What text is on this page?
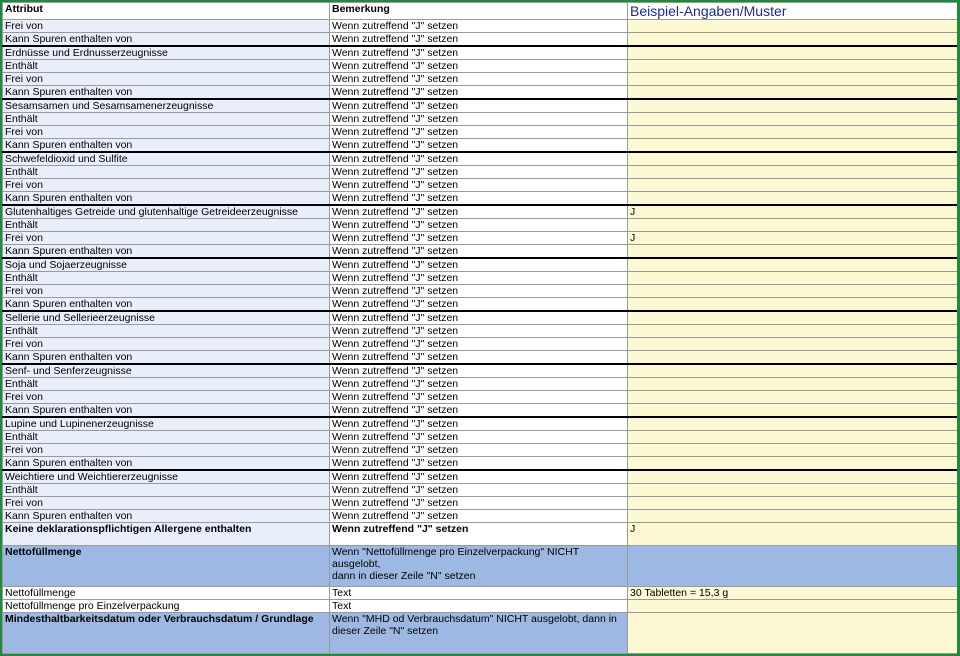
Attribut	Bemerkung	Beispiel-Angaben/Muster
Frei von	Wenn zutreffend "J" setzen	
Kann Spuren enthalten von	Wenn zutreffend "J" setzen	
Erdnüsse und Erdnusserzeugnisse	Wenn zutreffend "J" setzen	
Enthält	Wenn zutreffend "J" setzen	
Frei von	Wenn zutreffend "J" setzen	
Kann Spuren enthalten von	Wenn zutreffend "J" setzen	
Sesamsamen und Sesamsamenerzeugnisse	Wenn zutreffend "J" setzen	
Enthält	Wenn zutreffend "J" setzen	
Frei von	Wenn zutreffend "J" setzen	
Kann Spuren enthalten von	Wenn zutreffend "J" setzen	
Schwefeldioxid und Sulfite	Wenn zutreffend "J" setzen	
Enthält	Wenn zutreffend "J" setzen	
Frei von	Wenn zutreffend "J" setzen	
Kann Spuren enthalten von	Wenn zutreffend "J" setzen	
Glutenhaltiges Getreide und glutenhaltige Getreideerzeugnisse	Wenn zutreffend "J" setzen	J
Enthält	Wenn zutreffend "J" setzen	
Frei von	Wenn zutreffend "J" setzen	J
Kann Spuren enthalten von	Wenn zutreffend "J" setzen	
Soja und Sojaerzeugnisse	Wenn zutreffend "J" setzen	
Enthält	Wenn zutreffend "J" setzen	
Frei von	Wenn zutreffend "J" setzen	
Kann Spuren enthalten von	Wenn zutreffend "J" setzen	
Sellerie und Sellerieerzeugnisse	Wenn zutreffend "J" setzen	
Enthält	Wenn zutreffend "J" setzen	
Frei von	Wenn zutreffend "J" setzen	
Kann Spuren enthalten von	Wenn zutreffend "J" setzen	
Senf- und Senferzeugnisse	Wenn zutreffend "J" setzen	
Enthält	Wenn zutreffend "J" setzen	
Frei von	Wenn zutreffend "J" setzen	
Kann Spuren enthalten von	Wenn zutreffend "J" setzen	
Lupine und Lupinenerzeugnisse	Wenn zutreffend "J" setzen	
Enthält	Wenn zutreffend "J" setzen	
Frei von	Wenn zutreffend "J" setzen	
Kann Spuren enthalten von	Wenn zutreffend "J" setzen	
Weichtiere und Weichtiererzeugnisse	Wenn zutreffend "J" setzen	
Enthält	Wenn zutreffend "J" setzen	
Frei von	Wenn zutreffend "J" setzen	
Kann Spuren enthalten von	Wenn zutreffend "J" setzen	
Keine deklarationspflichtigen Allergene enthalten	Wenn zutreffend "J" setzen	J
Nettofüllmenge	Wenn "Nettofüllmenge pro Einzelverpackung" NICHT ausgelobt,
dann in dieser Zeile "N" setzen	
Nettofüllmenge	Text	30 Tabletten = 15,3 g
Nettofüllmenge pro Einzelverpackung	Text	
Mindesthaltbarkeitsdatum oder Verbrauchsdatum / Grundlage	Wenn "MHD od Verbrauchsdatum" NICHT ausgelobt, dann in
dieser Zeile "N" setzen	
